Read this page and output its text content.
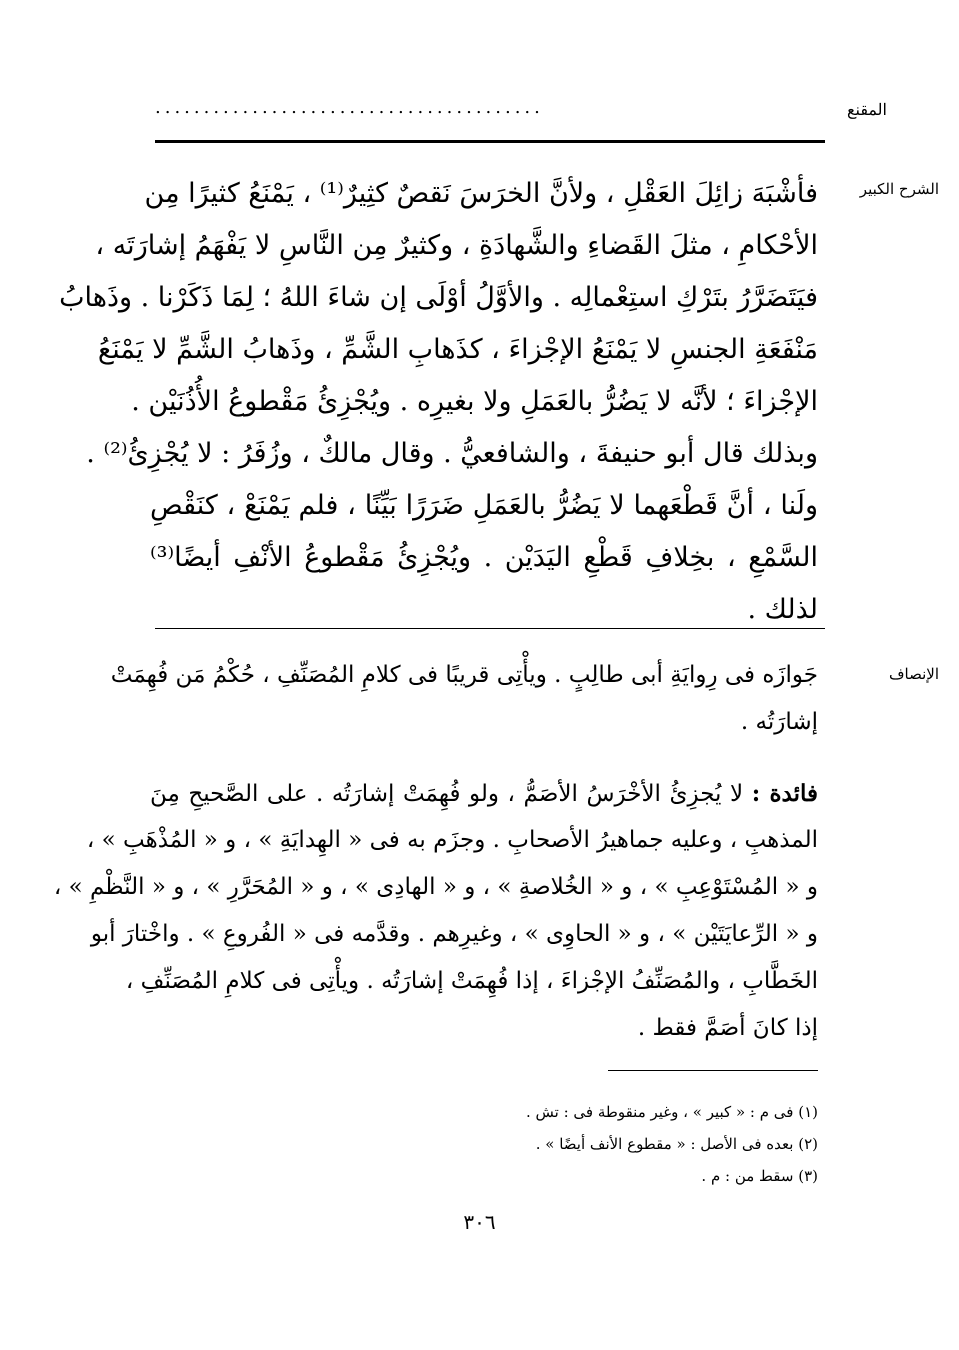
........................................	المقنع
الشرح الكبير
فأشْبَهَ زائِلَ العَقْلِ ، ولأنَّ الخرَسَ نَقصٌ كثِيرٌ⁽¹⁾ ، يَمْنَعُ كثيرًا مِن
الأحْكامِ ، مثلَ القَضاءِ والشَّهادَةِ ، وكثيرٌ مِن النَّاسِ لا يَفْهَمُ إشارَتَه ،
فيَتَضَرَّرُ بتَرْكِ استِعْمالِه . والأوَّلُ أوْلَى إن شاءَ اللهُ ؛ لِمَا ذَكَرْنا . وذَهابُ
مَنْفَعَةِ الجنسِ لا يَمْنَعُ الإجْزاءَ ، كذَهابِ الشَّمِّ ، وذَهابُ الشَّمِّ لا يَمْنَعُ
الإجْزاءَ ؛ لأنَّه لا يَضُرُّ بالعَمَلِ ولا بغيرِه . ويُجْزِئُ مَقْطوعُ الأُذُنَيْن .
وبذلك قال أبو حنيفةَ ، والشافعيُّ . وقال مالكٌ ، وزُفَرُ : لا يُجْزِئُ⁽²⁾ .
ولَنا ، أنَّ قَطْعَهما لا يَضُرُّ بالعَمَلِ ضَرَرًا بَيِّنًا ، فلم يَمْنَعْ ، كنَقْصِ
السَّمْعِ ، بخِلافِ قَطْعِ اليَدَيْن . ويُجْزِئُ مَقْطوعُ الأنْفِ أيضًا⁽³⁾
لذلك .
الإنصاف
جَوازَه فى رِوايَةِ أبى طالِبٍ . ويأْتِى قريبًا فى كلامِ المُصَنِّفِ ، حُكْمُ مَن فُهِمَتْ
إشارَتُه .
فائدة : لا يُجزِئُ الأخْرَسُ الأصَمُّ ، ولو فُهِمَتْ إشارَتُه . على الصَّحيحِ مِنَ
المذهبِ ، وعليه جماهيرُ الأصحابِ . وجزَم به فى « الهِدايَةِ » ، و « المُذْهَبِ » ،
و « المُسْتَوْعِبِ » ، و « الخُلاصةِ » ، و « الهادِى » ، و « المُحَرَّرِ » ، و « النَّظْمِ » ،
و « الرِّعايَتَيْن » ، و « الحاوِى » ، وغيرِهم . وقدَّمه فى « الفُروعِ » . واخْتارَ أبو
الخَطَّابِ ، والمُصَنِّفُ الإجْزاءَ ، إذا فُهِمَتْ إشارَتُه . ويأْتِى فى كلامِ المُصَنِّفِ ،
إذا كانَ أصَمَّ فقط .
(١) فى م : « كبير » ، وغير منقوطة فى : تش .
(٢) بعده فى الأصل : « مقطوع الأنف أيضًا » .
(٣) سقط من : م .
٣٠٦
